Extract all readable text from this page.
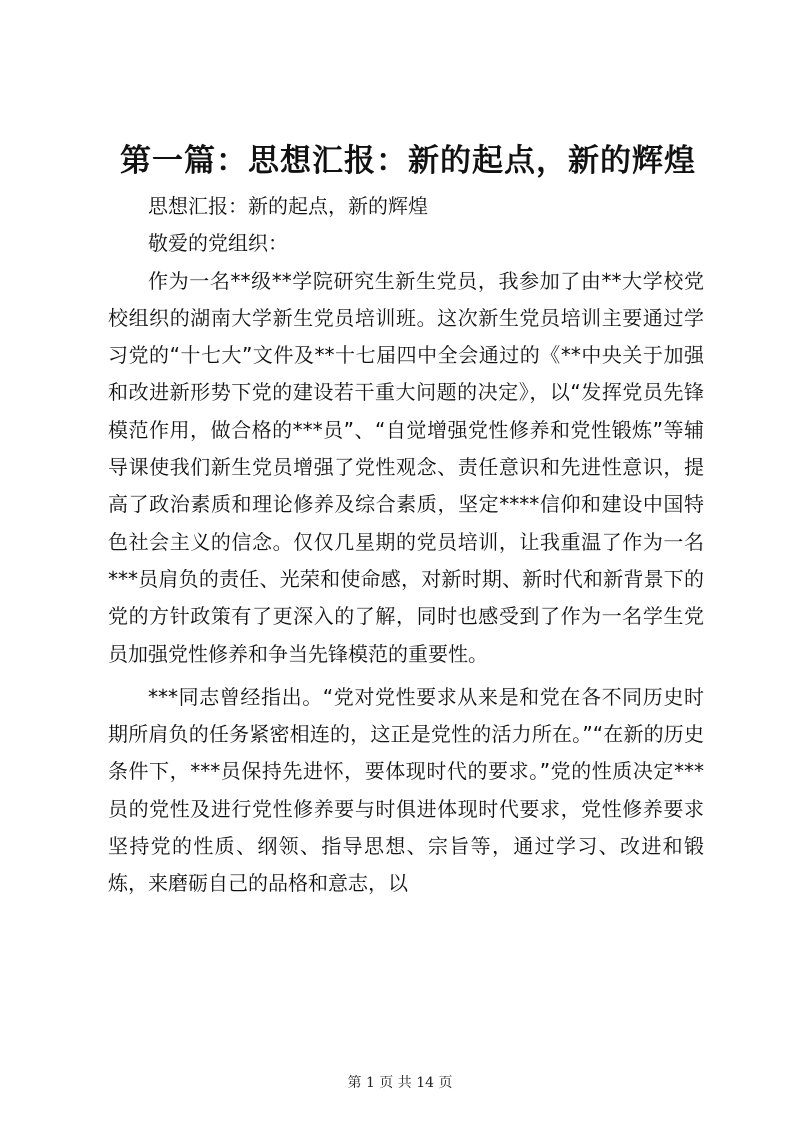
第一篇：思想汇报：新的起点，新的辉煌

思想汇报：新的起点，新的辉煌

敬爱的党组织：

作为一名**级**学院研究生新生党员，我参加了由**大学校党校组织的湖南大学新生党员培训班。这次新生党员培训主要通过学习党的“十七大”文件及**十七届四中全会通过的《**中央关于加强和改进新形势下党的建设若干重大问题的决定》，以“发挥党员先锋模范作用，做合格的***员”、“自觉增强党性修养和党性锻炼”等辅导课使我们新生党员增强了党性观念、责任意识和先进性意识，提高了政治素质和理论修养及综合素质，坚定****信仰和建设中国特色社会主义的信念。仅仅几星期的党员培训，让我重温了作为一名***员肩负的责任、光荣和使命感，对新时期、新时代和新背景下的党的方针政策有了更深入的了解，同时也感受到了作为一名学生党员加强党性修养和争当先锋模范的重要性。

***同志曾经指出。“党对党性要求从来是和党在各不同历史时期所肩负的任务紧密相连的，这正是党性的活力所在。”“在新的历史条件下，***员保持先进怀，要体现时代的要求。”党的性质决定***员的党性及进行党性修养要与时俱进体现时代要求，党性修养要求坚持党的性质、纲领、指导思想、宗旨等，通过学习、改进和锻炼，来磨砺自己的品格和意志，以

第 1 页 共 14 页
